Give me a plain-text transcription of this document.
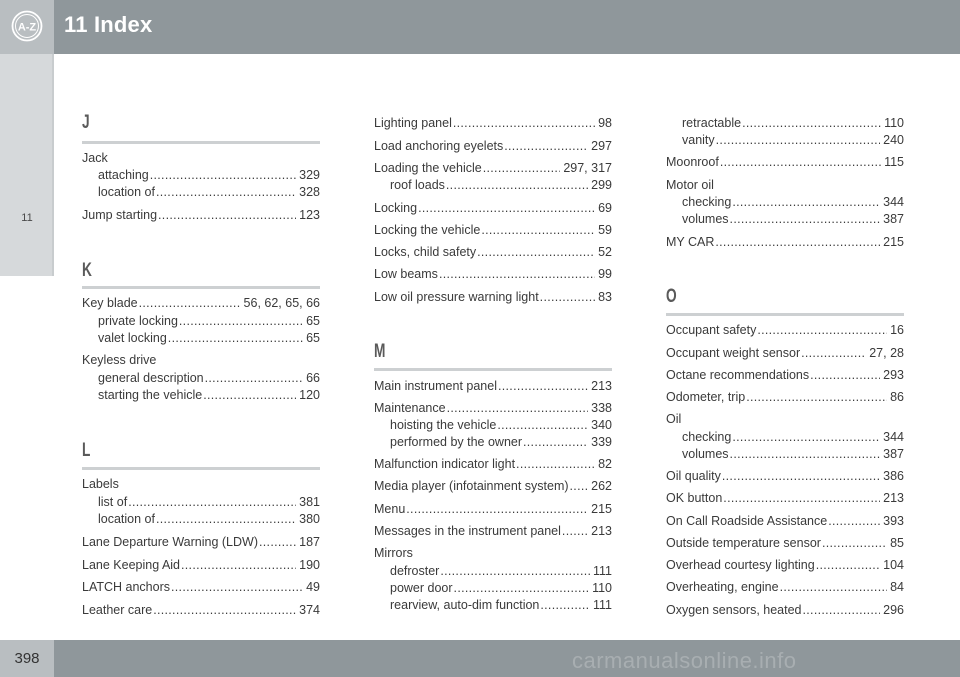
A-Z 11 Index
11
J
Jack
attaching .....	329
location of .....	328
Jump starting .....	123
K
Key blade .....	56, 62, 65, 66
private locking .....	65
valet locking .....	65
Keyless drive
general description .....	66
starting the vehicle .....	120
L
Labels
list of .....	381
location of .....	380
Lane Departure Warning (LDW) .....	187
Lane Keeping Aid .....	190
LATCH anchors .....	49
Leather care .....	374
Lighting panel .....	98
Load anchoring eyelets .....	297
Loading the vehicle .....	297, 317
roof loads .....	299
Locking .....	69
Locking the vehicle .....	59
Locks, child safety .....	52
Low beams .....	99
Low oil pressure warning light .....	83
M
Main instrument panel .....	213
Maintenance .....	338
hoisting the vehicle .....	340
performed by the owner .....	339
Malfunction indicator light .....	82
Media player (infotainment system) ..... 262
Menu .....	215
Messages in the instrument panel ..... 213
Mirrors
defroster .....	111
power door .....	110
rearview, auto-dim function .....	111
retractable .....	110
vanity .....	240
Moonroof .....	115
Motor oil
checking .....	344
volumes .....	387
MY CAR .....	215
O
Occupant safety .....	16
Occupant weight sensor .....	27, 28
Octane recommendations .....	293
Odometer, trip .....	86
Oil
checking .....	344
volumes .....	387
Oil quality .....	386
OK button .....	213
On Call Roadside Assistance .....	393
Outside temperature sensor .....	85
Overhead courtesy lighting .....	104
Overheating, engine .....	84
Oxygen sensors, heated .....	296
398	carmanualsonline.info
